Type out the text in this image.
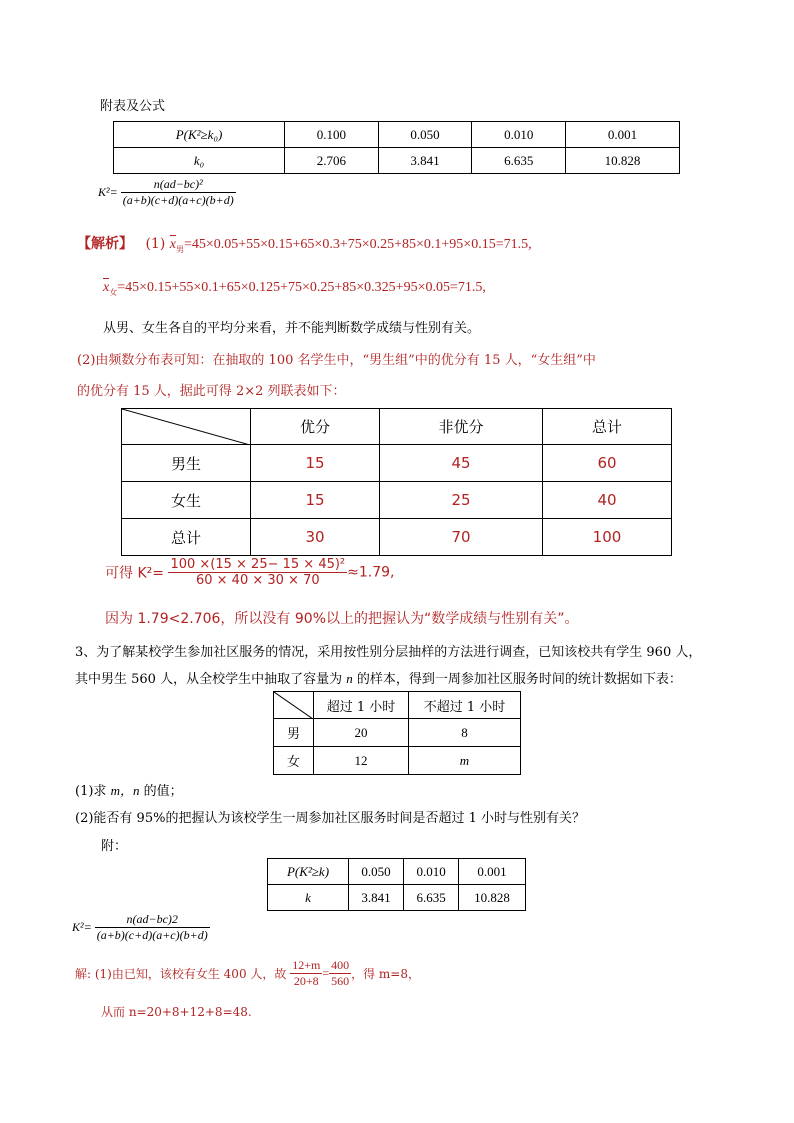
附表及公式
P(K²≥k₀)	0.100	0.050	0.010	0.001
k₀	2.706	3.841	6.635	10.828
$K^2= \frac{\text{n(ad−bc)²}}{(a+b)(c+d)(a+c)(b+d)}$
【解析】 (1) $x_男=45\times 0.05+55\times 0.15+65\times 0.3+75\times 0.25+85\times 0.1+95\times 0.15=71.5$,
$x_女=45\times 0.15+55\times 0.1+65\times 0.125+75\times 0.25+85\times 0.325+95\times 0.05=71.5$,
从男、女生各自的平均分来看，并不能判断数学成绩与性别有关。
(2)由频数分布表可知：在抽取的 100 名学生中，“男生组”中的优分有 15 人，“女生组”中
的优分有 15 人，据此可得 2×2 列联表如下：
	优分	非优分	总计
男生	15	45	60
女生	15	25	40
总计	30	70	100
可得 $K^2= \frac{\text{100 ×(15 × 25− 15 × 45)²}}{60 \times 40 \times 30 \times 70} \approx 1.79$,
因为 1.79<2.706，所以没有 90%以上的把握认为“数学成绩与性别有关”。
3、为了解某校学生参加社区服务的情况，采用按性别分层抽样的方法进行调查，已知该校共有学生 960 人，
其中男生 560 人，从全校学生中抽取了容量为 n 的样本，得到一周参加社区服务时间的统计数据如下表：
	超过 1 小时	不超过 1 小时
男	20	8
女	12	m
(1)求 m，n 的值；
(2)能否有 95%的把握认为该校学生一周参加社区服务时间是否超过 1 小时与性别有关？
附：
P(K²≥k)	0.050	0.010	0.001
k	3.841	6.635	10.828
$K^2= \frac{n(ad-bc)2}{(a+b)(c+d)(a+c)(b+d)}$
解: (1)由已知，该校有女生 400 人，故 $\frac{12+m}{20+8} = \frac{400}{560}$ ，得 m=8，
从而 n=20+8+12+8=48.
